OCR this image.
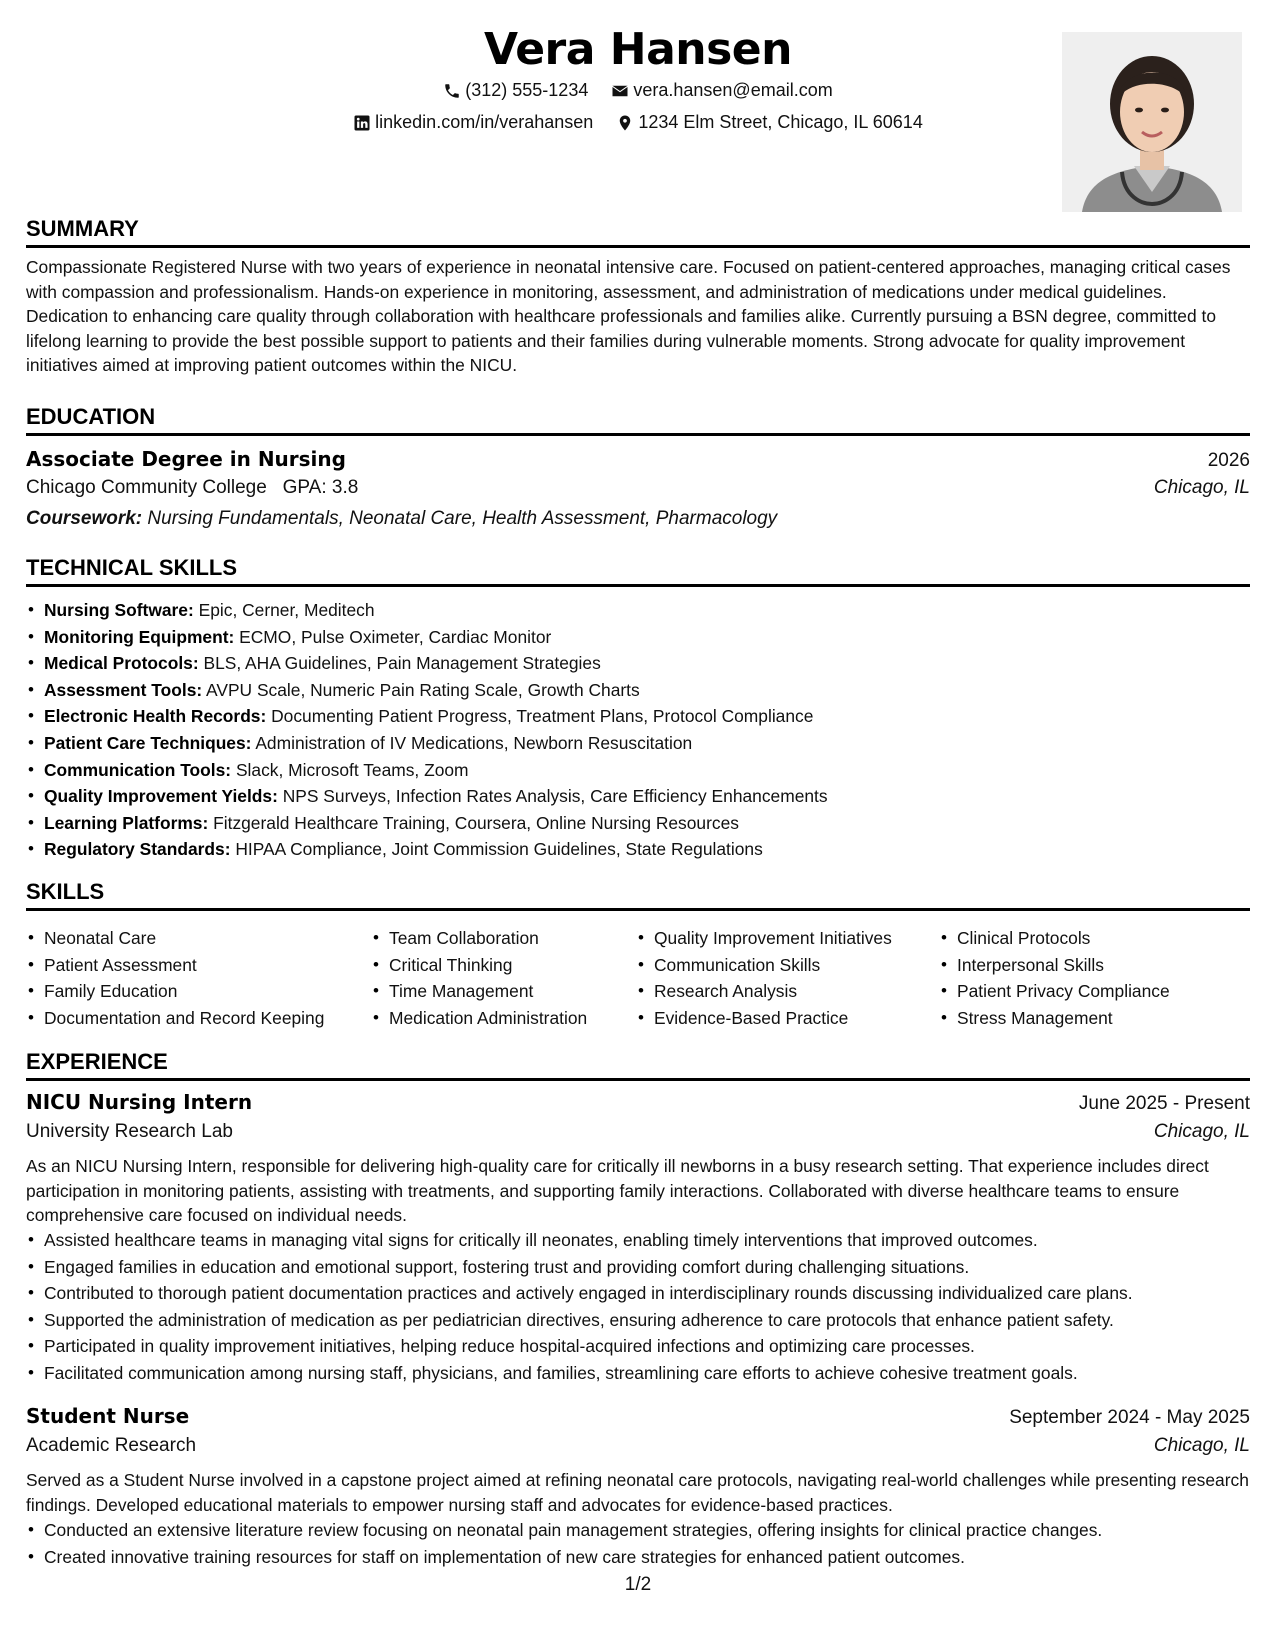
Vera Hansen
(312) 555-1234
	vera.hansen@email.com
linkedin.com/in/verahansen
	1234 Elm Street, Chicago, IL 60614
SUMMARY
Compassionate Registered Nurse with two years of experience in neonatal intensive care. Focused on patient-centered approaches, managing critical cases with compassion and professionalism. Hands-on experience in monitoring, assessment, and administration of medications under medical guidelines. Dedication to enhancing care quality through collaboration with healthcare professionals and families alike. Currently pursuing a BSN degree, committed to lifelong learning to provide the best possible support to patients and their families during vulnerable moments. Strong advocate for quality improvement initiatives aimed at improving patient outcomes within the NICU.
EDUCATION
Associate Degree in Nursing	2026
Chicago Community College GPA: 3.8	Chicago, IL
Coursework: Nursing Fundamentals, Neonatal Care, Health Assessment, Pharmacology
TECHNICAL SKILLS
• Nursing Software: Epic, Cerner, Meditech
• Monitoring Equipment: ECMO, Pulse Oximeter, Cardiac Monitor
• Medical Protocols: BLS, AHA Guidelines, Pain Management Strategies
• Assessment Tools: AVPU Scale, Numeric Pain Rating Scale, Growth Charts
• Electronic Health Records: Documenting Patient Progress, Treatment Plans, Protocol Compliance
• Patient Care Techniques: Administration of IV Medications, Newborn Resuscitation
• Communication Tools: Slack, Microsoft Teams, Zoom
• Quality Improvement Yields: NPS Surveys, Infection Rates Analysis, Care Efficiency Enhancements
• Learning Platforms: Fitzgerald Healthcare Training, Coursera, Online Nursing Resources
• Regulatory Standards: HIPAA Compliance, Joint Commission Guidelines, State Regulations
SKILLS
• Neonatal Care
• Patient Assessment
• Family Education
• Documentation and Record Keeping
• Team Collaboration
• Critical Thinking
• Time Management
• Medication Administration
• Quality Improvement Initiatives
• Communication Skills
• Research Analysis
• Evidence-Based Practice
• Clinical Protocols
• Interpersonal Skills
• Patient Privacy Compliance
• Stress Management
EXPERIENCE
NICU Nursing Intern	June 2025 - Present
University Research Lab	Chicago, IL
As an NICU Nursing Intern, responsible for delivering high-quality care for critically ill newborns in a busy research setting. That experience includes direct participation in monitoring patients, assisting with treatments, and supporting family interactions. Collaborated with diverse healthcare teams to ensure comprehensive care focused on individual needs.
• Assisted healthcare teams in managing vital signs for critically ill neonates, enabling timely interventions that improved outcomes.
• Engaged families in education and emotional support, fostering trust and providing comfort during challenging situations.
• Contributed to thorough patient documentation practices and actively engaged in interdisciplinary rounds discussing individualized care plans.
• Supported the administration of medication as per pediatrician directives, ensuring adherence to care protocols that enhance patient safety.
• Participated in quality improvement initiatives, helping reduce hospital-acquired infections and optimizing care processes.
• Facilitated communication among nursing staff, physicians, and families, streamlining care efforts to achieve cohesive treatment goals.
Student Nurse	September 2024 - May 2025
Academic Research	Chicago, IL
Served as a Student Nurse involved in a capstone project aimed at refining neonatal care protocols, navigating real-world challenges while presenting research findings. Developed educational materials to empower nursing staff and advocates for evidence-based practices.
• Conducted an extensive literature review focusing on neonatal pain management strategies, offering insights for clinical practice changes.
• Created innovative training resources for staff on implementation of new care strategies for enhanced patient outcomes.
1/2
